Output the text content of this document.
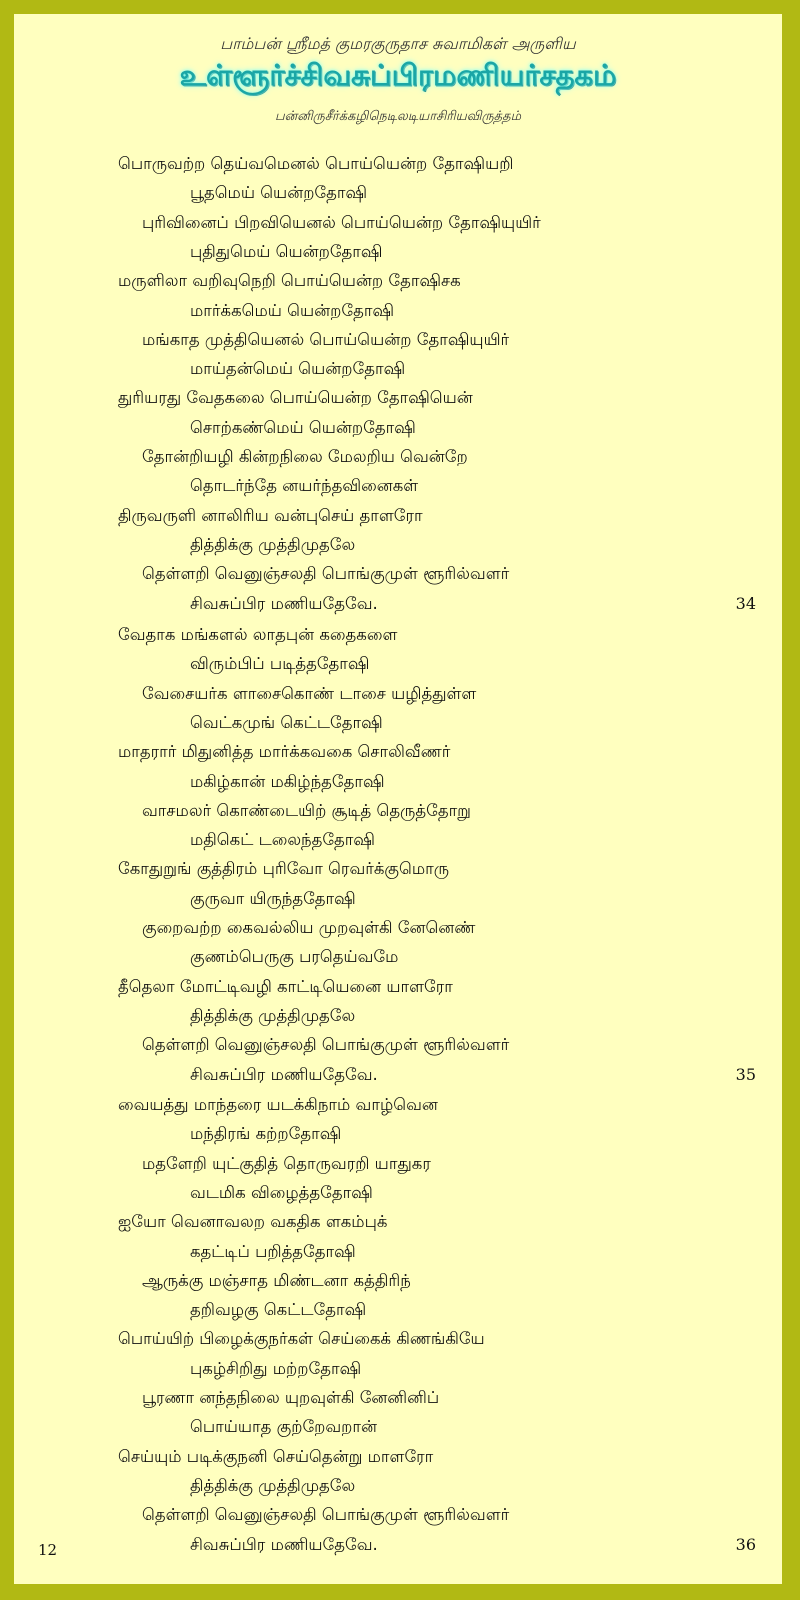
பாம்பன் ஸ்ரீமத் குமரகுருதாச சுவாமிகள் அருளிய
உள்ளூர்ச்சிவசுப்பிரமணியர்சதகம்
பன்னிருசீர்க்கழிநெடிலடியாசிரியவிருத்தம்
பொருவற்ற தெய்வமெனல் பொய்யென்ற தோஷியறி
பூதமெய் யென்றதோஷி
புரிவினைப் பிறவியெனல் பொய்யென்ற தோஷியுயிர்
புதிதுமெய் யென்றதோஷி
மருளிலா வறிவுநெறி பொய்யென்ற தோஷிசக
மார்க்கமெய் யென்றதோஷி
மங்காத முத்தியெனல் பொய்யென்ற தோஷியுயிர்
மாய்தன்மெய் யென்றதோஷி
துரியரது வேதகலை பொய்யென்ற தோஷியென்
சொற்கண்மெய் யென்றதோஷி
தோன்றியழி கின்றநிலை மேலறிய வென்றே
தொடர்ந்தே னயர்ந்தவினைகள்
திருவருளி னாலிரிய வன்புசெய் தாளரோ
தித்திக்கு முத்திமுதலே
தெள்ளறி வெனுஞ்சலதி பொங்குமுள் ளூரில்வளர்
சிவசுப்பிர மணியதேவே.	34
வேதாக மங்களல் லாதபுன் கதைகளை
விரும்பிப் படித்ததோஷி
வேசையர்க ளாசைகொண் டாசை யழித்துள்ள
வெட்கமுங் கெட்டதோஷி
மாதரார் மிதுனித்த மார்க்கவகை சொலிவீணர்
மகிழ்கான் மகிழ்ந்ததோஷி
வாசமலர் கொண்டையிற் சூடித் தெருத்தோறு
மதிகெட் டலைந்ததோஷி
கோதுறுங் குத்திரம் புரிவோ ரெவர்க்குமொரு
குருவா யிருந்ததோஷி
குறைவற்ற கைவல்லிய முறவுள்கி னேனெண்
குணம்பெருகு பரதெய்வமே
தீதெலா மோட்டிவழி காட்டியெனை யாளரோ
தித்திக்கு முத்திமுதலே
தெள்ளறி வெனுஞ்சலதி பொங்குமுள் ளூரில்வளர்
சிவசுப்பிர மணியதேவே.	35
வையத்து மாந்தரை யடக்கிநாம் வாழ்வென
மந்திரங் கற்றதோஷி
மதளேறி யுட்குதித் தொருவரறி யாதுகர
வடமிக விழைத்ததோஷி
ஐயோ வெனாவலற வகதிக ளகம்புக்
கதட்டிப் பறித்ததோஷி
ஆருக்கு மஞ்சாத மிண்டனா கத்திரிந்
தறிவழகு கெட்டதோஷி
பொய்யிற் பிழைக்குநர்கள் செய்கைக் கிணங்கியே
புகழ்சிறிது மற்றதோஷி
பூரணா னந்தநிலை யுறவுள்கி னேனினிப்
பொய்யாத குற்றேவறான்
செய்யும் படிக்குநனி செய்தென்று மாளரோ
தித்திக்கு முத்திமுதலே
தெள்ளறி வெனுஞ்சலதி பொங்குமுள் ளூரில்வளர்
சிவசுப்பிர மணியதேவே.	36
12
